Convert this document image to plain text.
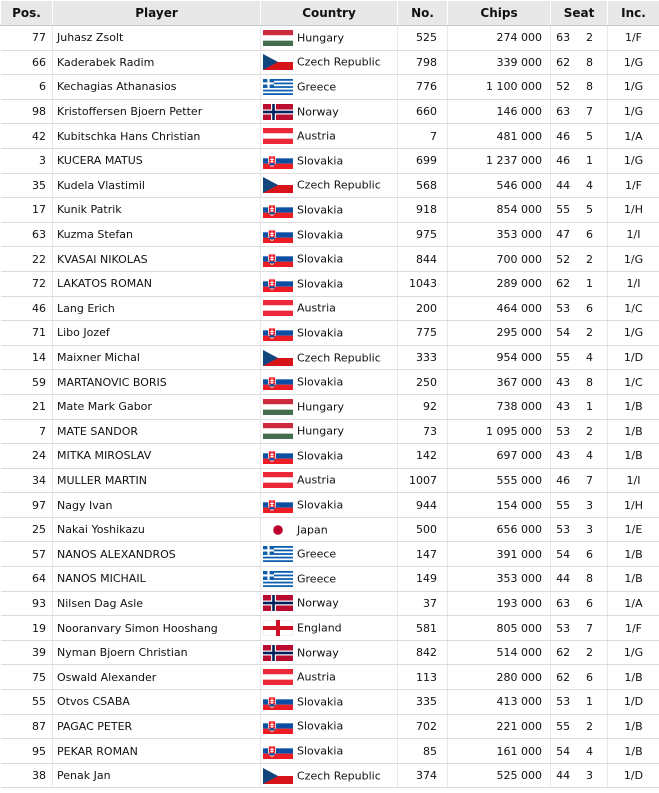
Pos.	Player	Country	No.	Chips	Seat	Inc.
77	Juhasz Zsolt	Hungary	525	274 000	63 2	1/F
66	Kaderabek Radim	Czech Republic	798	339 000	62 8	1/G
6	Kechagias Athanasios	Greece	776	1 100 000	52 8	1/G
98	Kristoffersen Bjoern Petter	Norway	660	146 000	63 7	1/G
42	Kubitschka Hans Christian	Austria	7	481 000	46 5	1/A
3	KUCERA MATUS	Slovakia	699	1 237 000	46 1	1/G
35	Kudela Vlastimil	Czech Republic	568	546 000	44 4	1/F
17	Kunik Patrik	Slovakia	918	854 000	55 5	1/H
63	Kuzma Stefan	Slovakia	975	353 000	47 6	1/I
22	KVASAI NIKOLAS	Slovakia	844	700 000	52 2	1/G
72	LAKATOS ROMAN	Slovakia	1043	289 000	62 1	1/I
46	Lang Erich	Austria	200	464 000	53 6	1/C
71	Libo Jozef	Slovakia	775	295 000	54 2	1/G
14	Maixner Michal	Czech Republic	333	954 000	55 4	1/D
59	MARTANOVIC BORIS	Slovakia	250	367 000	43 8	1/C
21	Mate Mark Gabor	Hungary	92	738 000	43 1	1/B
7	MATE SANDOR	Hungary	73	1 095 000	53 2	1/B
24	MITKA MIROSLAV	Slovakia	142	697 000	43 4	1/B
34	MULLER MARTIN	Austria	1007	555 000	46 7	1/I
97	Nagy Ivan	Slovakia	944	154 000	55 3	1/H
25	Nakai Yoshikazu	Japan	500	656 000	53 3	1/E
57	NANOS ALEXANDROS	Greece	147	391 000	54 6	1/B
64	NANOS MICHAIL	Greece	149	353 000	44 8	1/B
93	Nilsen Dag Asle	Norway	37	193 000	63 6	1/A
19	Nooranvary Simon Hooshang	England	581	805 000	53 7	1/F
39	Nyman Bjoern Christian	Norway	842	514 000	62 2	1/G
75	Oswald Alexander	Austria	113	280 000	62 6	1/B
55	Otvos CSABA	Slovakia	335	413 000	53 1	1/D
87	PAGAC PETER	Slovakia	702	221 000	55 2	1/B
95	PEKAR ROMAN	Slovakia	85	161 000	54 4	1/B
38	Penak Jan	Czech Republic	374	525 000	44 3	1/D
